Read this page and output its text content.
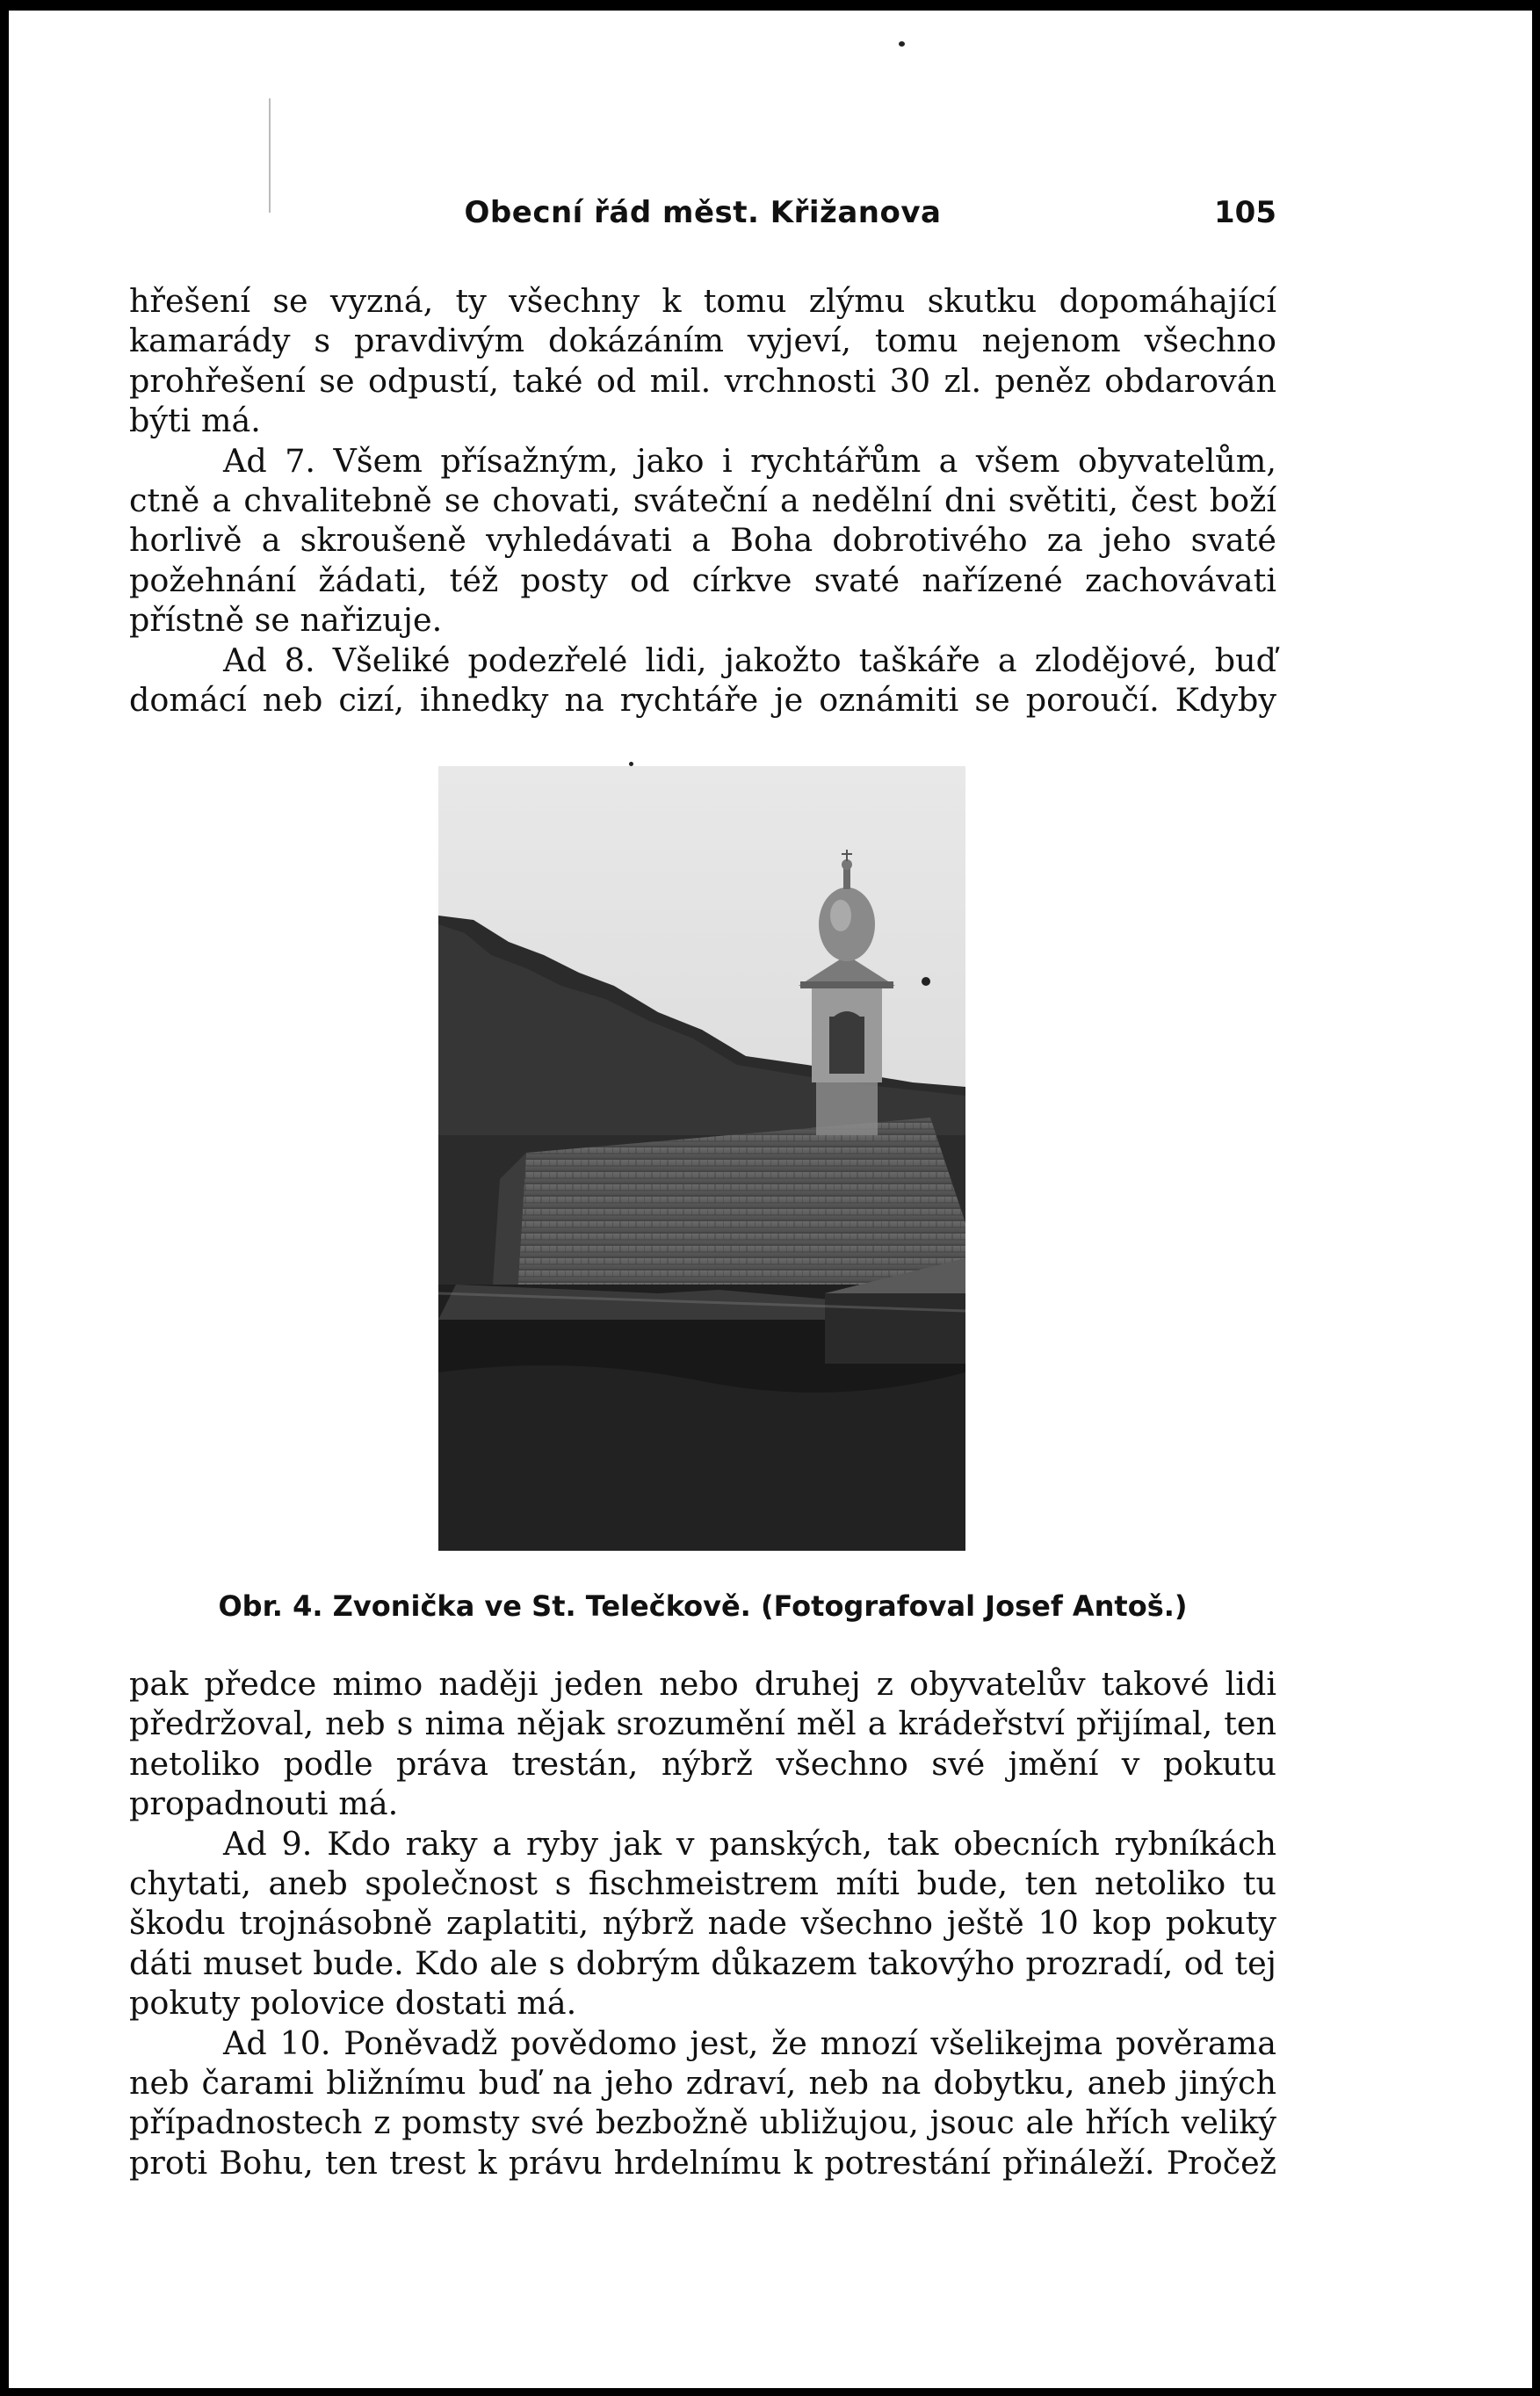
Obecní řád měst. Křižanova	105

hřešení se vyzná, ty všechny k tomu zlýmu skutku dopomáhající kamarády s pravdivým dokázáním vyjeví, tomu nejenom všechno prohřešení se odpustí, také od mil. vrchnosti 30 zl. peněz obdarován býti má.

Ad 7. Všem přísažným, jako i rychtářům a všem obyvatelům, ctně a chvalitebně se chovati, sváteční a nedělní dni světiti, čest boží horlivě a skroušeně vyhledávati a Boha dobrotivého za jeho svaté požehnání žádati, též posty od církve svaté nařízené zachovávati přístně se nařizuje.

Ad 8. Všeliké podezřelé lidi, jakožto taškáře a zlodějové, buď domácí neb cizí, ihnedky na rychtáře je oznámiti se poroučí. Kdyby

Obr. 4. Zvonička ve St. Telečkově. (Fotografoval Josef Antoš.)

pak předce mimo naději jeden nebo druhej z obyvatelův takové lidi předržoval, neb s nima nějak srozumění měl a krádeřství přijímal, ten netoliko podle práva trestán, nýbrž všechno své jmění v pokutu propadnouti má.

Ad 9. Kdo raky a ryby jak v panských, tak obecních rybníkách chytati, aneb společnost s fischmeistrem míti bude, ten netoliko tu škodu trojnásobně zaplatiti, nýbrž nade všechno ještě 10 kop pokuty dáti muset bude. Kdo ale s dobrým důkazem takovýho prozradí, od tej pokuty polovice dostati má.

Ad 10. Poněvadž povědomo jest, že mnozí všelikejma pověrama neb čarami bližnímu buď na jeho zdraví, neb na dobytku, aneb jiných případnostech z pomsty své bezbožně ubližujou, jsouc ale hřích veliký proti Bohu, ten trest k právu hrdelnímu k potrestání přináleží. Pročež
